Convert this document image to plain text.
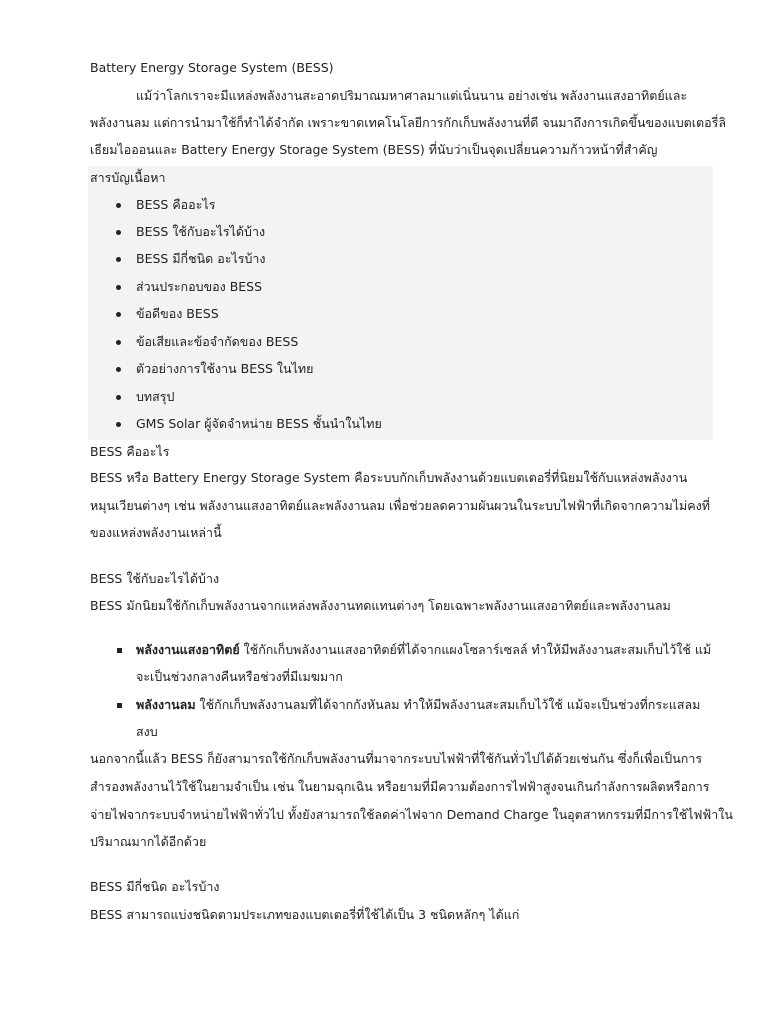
Battery Energy Storage System (BESS)
แม้ว่าโลกเราจะมีแหล่งพลังงานสะอาดปริมาณมหาศาลมาแต่เนิ่นนาน อย่างเช่น พลังงานแสงอาทิตย์และ
พลังงานลม แต่การนำมาใช้ก็ทำได้จำกัด เพราะขาดเทคโนโลยีการกักเก็บพลังงานที่ดี จนมาถึงการเกิดขึ้นของแบตเตอรี่ลิ
เธียมไอออนและ Battery Energy Storage System (BESS) ที่นับว่าเป็นจุดเปลี่ยนความก้าวหน้าที่สำคัญ
สารบัญเนื้อหา
BESS คืออะไร
BESS ใช้กับอะไรได้บ้าง
BESS มีกี่ชนิด อะไรบ้าง
ส่วนประกอบของ BESS
ข้อดีของ BESS
ข้อเสียและข้อจำกัดของ BESS
ตัวอย่างการใช้งาน BESS ในไทย
บทสรุป
GMS Solar ผู้จัดจำหน่าย BESS ชั้นนำในไทย
BESS คืออะไร
BESS หรือ Battery Energy Storage System คือระบบกักเก็บพลังงานด้วยแบตเตอรี่ที่นิยมใช้กับแหล่งพลังงาน
หมุนเวียนต่างๆ เช่น พลังงานแสงอาทิตย์และพลังงานลม เพื่อช่วยลดความผันผวนในระบบไฟฟ้าที่เกิดจากความไม่คงที่
ของแหล่งพลังงานเหล่านี้
BESS ใช้กับอะไรได้บ้าง
BESS มักนิยมใช้กักเก็บพลังงานจากแหล่งพลังงานทดแทนต่างๆ โดยเฉพาะพลังงานแสงอาทิตย์และพลังงานลม
พลังงานแสงอาทิตย์ ใช้กักเก็บพลังงานแสงอาทิตย์ที่ได้จากแผงโซลาร์เซลล์ ทำให้มีพลังงานสะสมเก็บไว้ใช้ แม้
จะเป็นช่วงกลางคืนหรือช่วงที่มีเมฆมาก
พลังงานลม ใช้กักเก็บพลังงานลมที่ได้จากกังหันลม ทำให้มีพลังงานสะสมเก็บไว้ใช้ แม้จะเป็นช่วงที่กระแสลม
สงบ
นอกจากนี้แล้ว BESS ก็ยังสามารถใช้กักเก็บพลังงานที่มาจากระบบไฟฟ้าที่ใช้กันทั่วไปได้ด้วยเช่นกัน ซึ่งก็เพื่อเป็นการ
สำรองพลังงานไว้ใช้ในยามจำเป็น เช่น ในยามฉุกเฉิน หรือยามที่มีความต้องการไฟฟ้าสูงจนเกินกำลังการผลิตหรือการ
จ่ายไฟจากระบบจำหน่ายไฟฟ้าทั่วไป ทั้งยังสามารถใช้ลดค่าไฟจาก Demand Charge ในอุตสาหกรรมที่มีการใช้ไฟฟ้าใน
ปริมาณมากได้อีกด้วย
BESS มีกี่ชนิด อะไรบ้าง
BESS สามารถแบ่งชนิดตามประเภทของแบตเตอรี่ที่ใช้ได้เป็น 3 ชนิดหลักๆ ได้แก่
